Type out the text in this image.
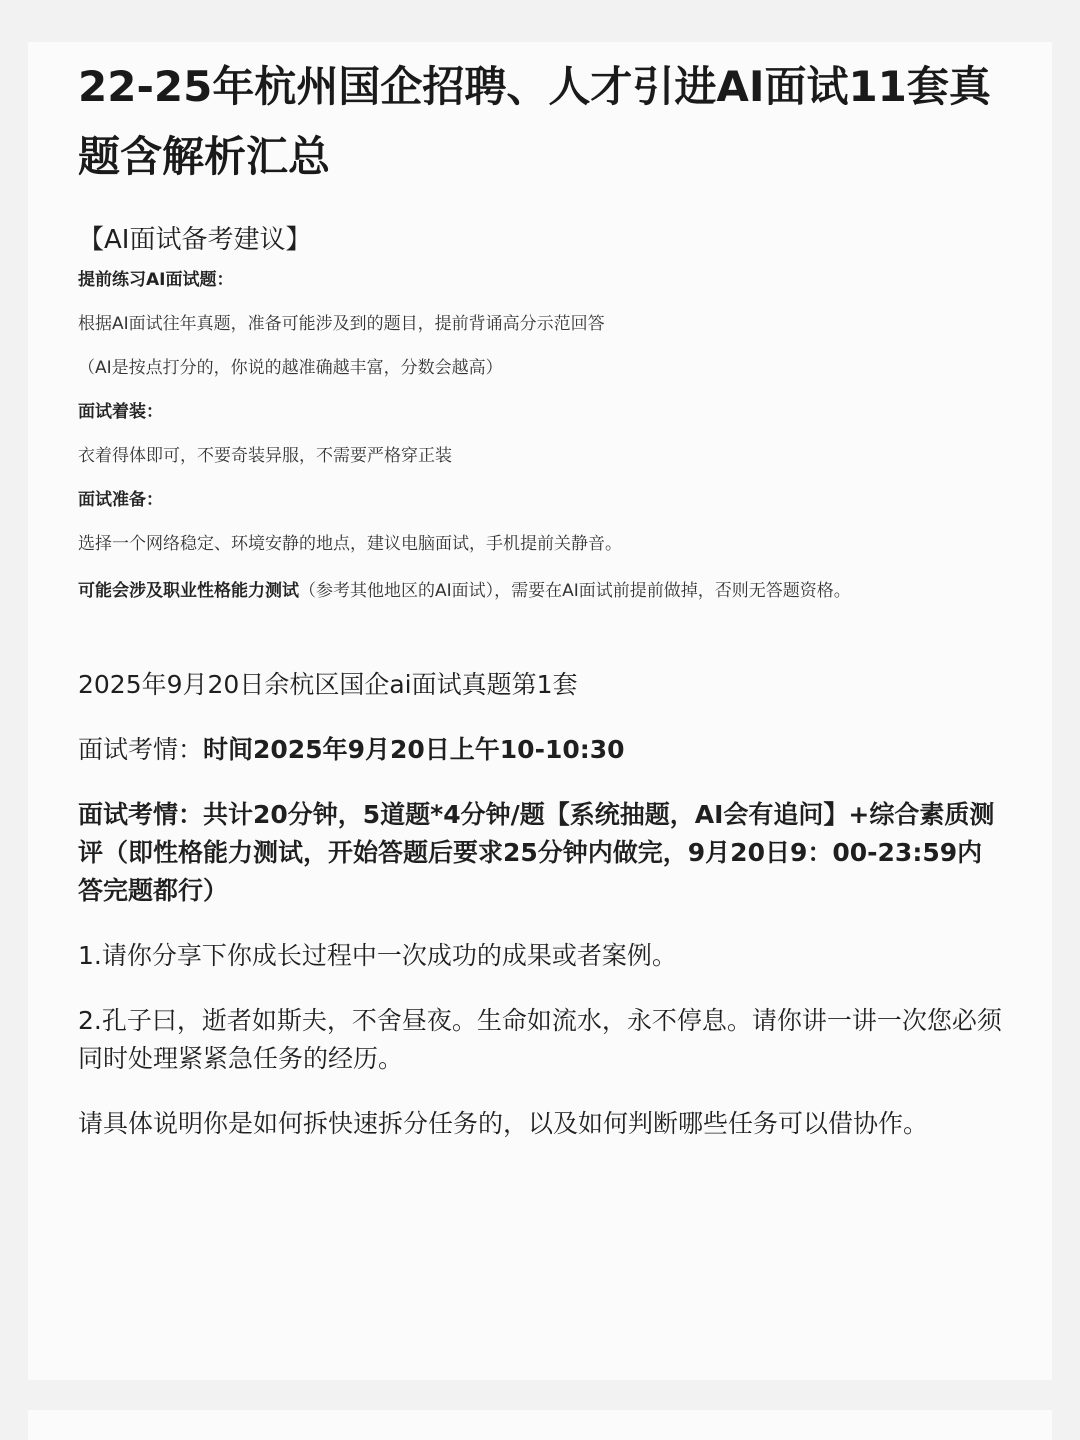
22-25年杭州国企招聘、人才引进AI面试11套真题含解析汇总
【AI面试备考建议】

提前练习AI面试题：

根据AI面试往年真题，准备可能涉及到的题目，提前背诵高分示范回答

（AI是按点打分的，你说的越准确越丰富，分数会越高）

面试着装：

衣着得体即可，不要奇装异服，不需要严格穿正装

面试准备：

选择一个网络稳定、环境安静的地点，建议电脑面试，手机提前关静音。

可能会涉及职业性格能力测试（参考其他地区的AI面试），需要在AI面试前提前做掉，否则无答题资格。

2025年9月20日余杭区国企ai面试真题第1套

面试考情：时间2025年9月20日上午10-10:30

面试考情：共计20分钟，5道题*4分钟/题【系统抽题，AI会有追问】+综合素质测评（即性格能力测试，开始答题后要求25分钟内做完，9月20日9：00-23:59内答完题都行）

1.请你分享下你成长过程中一次成功的成果或者案例。

2.孔子曰，逝者如斯夫，不舍昼夜。生命如流水，永不停息。请你讲一讲一次您必须同时处理紧紧急任务的经历。

请具体说明你是如何拆快速拆分任务的，以及如何判断哪些任务可以借协作。
